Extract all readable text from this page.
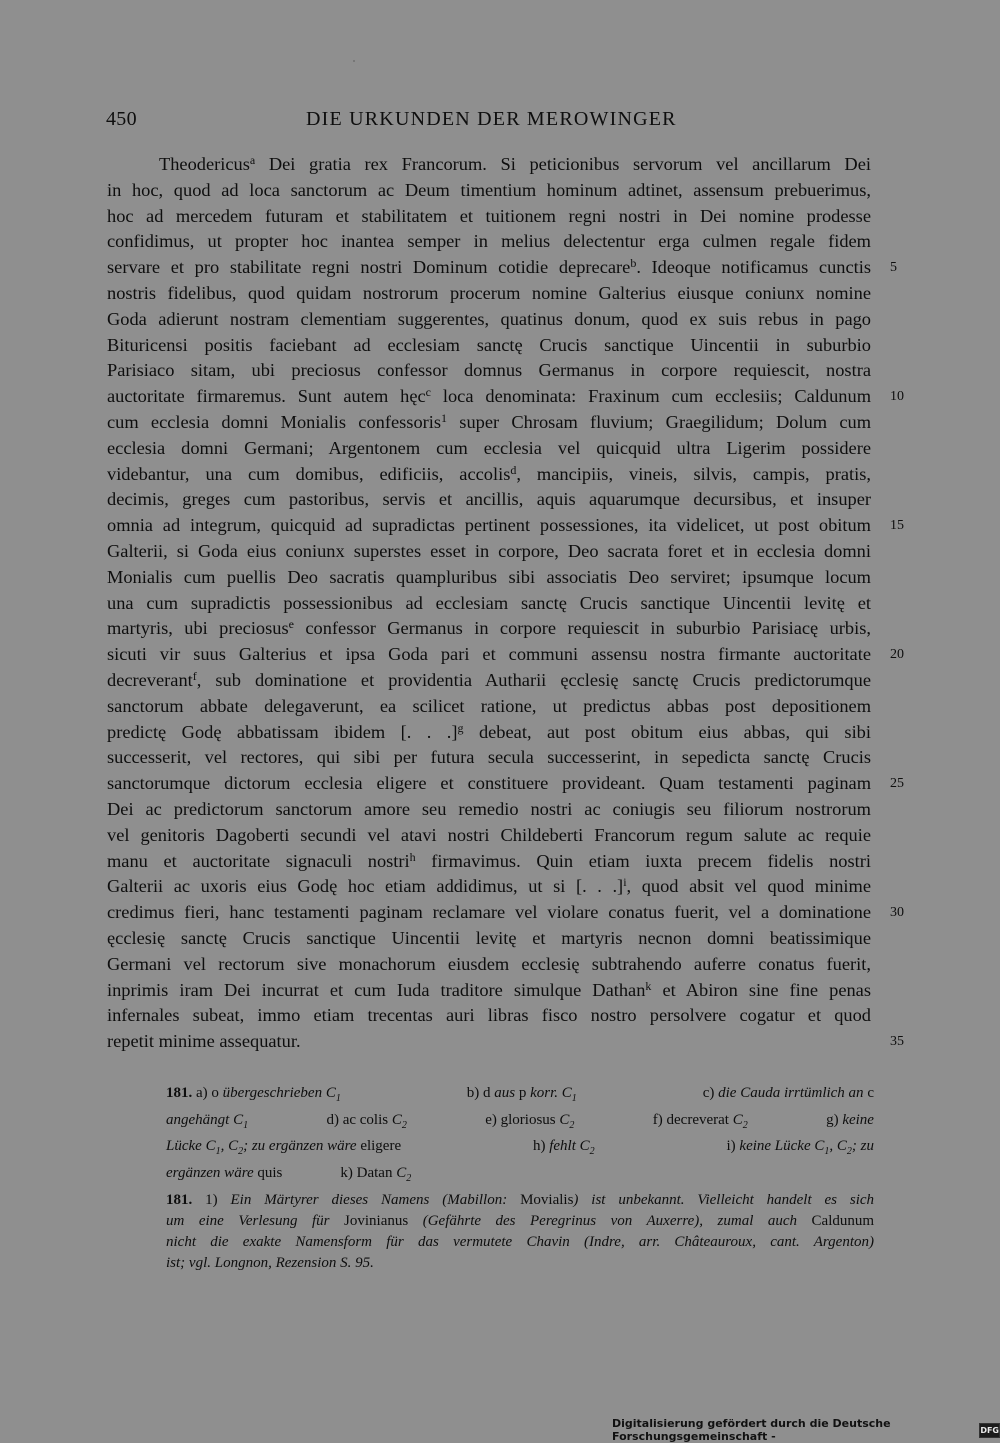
450	DIE URKUNDEN DER MEROWINGER
Theodericus$^a$ Dei gratia rex Francorum. Si peticionibus servorum vel ancillarum Dei
in hoc, quod ad loca sanctorum ac Deum timentium hominum adtinet, assensum prebuerimus,
hoc ad mercedem futuram et stabilitatem et tuitionem regni nostri in Dei nomine prodesse
confidimus, ut propter hoc inantea semper in melius delectentur erga culmen regale fidem
servare et pro stabilitate regni nostri Dominum cotidie deprecare$^b$. Ideoque notificamus cunctis
nostris fidelibus, quod quidam nostrorum procerum nomine Galterius eiusque coniunx nomine
Goda adierunt nostram clementiam suggerentes, quatinus donum, quod ex suis rebus in pago
Bituricensi positis faciebant ad ecclesiam sanctę Crucis sanctique Uincentii in suburbio
Parisiaco sitam, ubi preciosus confessor domnus Germanus in corpore requiescit, nostra
auctoritate firmaremus. Sunt autem hęc$^c$ loca denominata: Fraxinum cum ecclesiis; Caldunum
cum ecclesia domni Monialis confessoris$^1$ super Chrosam fluvium; Graegilidum; Dolum cum
ecclesia domni Germani; Argentonem cum ecclesia vel quicquid ultra Ligerim possidere
videbantur, una cum domibus, edificiis, accolis$^d$, mancipiis, vineis, silvis, campis, pratis,
decimis, greges cum pastoribus, servis et ancillis, aquis aquarumque decursibus, et insuper
omnia ad integrum, quicquid ad supradictas pertinent possessiones, ita videlicet, ut post obitum
Galterii, si Goda eius coniunx superstes esset in corpore, Deo sacrata foret et in ecclesia domni
Monialis cum puellis Deo sacratis quampluribus sibi associatis Deo serviret; ipsumque locum
una cum supradictis possessionibus ad ecclesiam sanctę Crucis sanctique Uincentii levitę et
martyris, ubi preciosus$^e$ confessor Germanus in corpore requiescit in suburbio Parisiacę urbis,
sicuti vir suus Galterius et ipsa Goda pari et communi assensu nostra firmante auctoritate
decreverant$^f$, sub dominatione et providentia Autharii ęcclesię sanctę Crucis predictorumque
sanctorum abbate delegaverunt, ea scilicet ratione, ut predictus abbas post depositionem
predictę Godę abbatissam ibidem [. . .]$^g$ debeat, aut post obitum eius abbas, qui sibi
successerit, vel rectores, qui sibi per futura secula successerint, in sepedicta sanctę Crucis
sanctorumque dictorum ecclesia eligere et constituere provideant. Quam testamenti paginam
Dei ac predictorum sanctorum amore seu remedio nostri ac coniugis seu filiorum nostrorum
vel genitoris Dagoberti secundi vel atavi nostri Childeberti Francorum regum salute ac requie
manu et auctoritate signaculi nostri$^h$ firmavimus. Quin etiam iuxta precem fidelis nostri
Galterii ac uxoris eius Godę hoc etiam addidimus, ut si [. . .]$^i$, quod absit vel quod minime
credimus fieri, hanc testamenti paginam reclamare vel violare conatus fuerit, vel a dominatione
ęcclesię sanctę Crucis sanctique Uincentii levitę et martyris necnon domni beatissimique
Germani vel rectorum sive monachorum eiusdem ecclesię subtrahendo auferre conatus fuerit,
inprimis iram Dei incurrat et cum Iuda traditore simulque Dathan$^k$ et Abiron sine fine penas
infernales subeat, immo etiam trecentas auri libras fisco nostro persolvere cogatur et quod
repetit minime assequatur.
5
10
15
20
25
30
35
181. a) o übergeschrieben $C_1$	b) d aus p korr. $C_1$	c) die Cauda irrtümlich an c
angehängt $C_1$	d) ac colis $C_2$	e) gloriosus $C_2$	f) decreverat $C_2$	g) keine
Lücke $C_1$, $C_2$; zu ergänzen wäre eligere	h) fehlt $C_2$	i) keine Lücke $C_1$, $C_2$; zu
ergänzen wäre quis	k) Datan $C_2$
181. 1) Ein Märtyrer dieses Namens (Mabillon: Movialis) ist unbekannt. Vielleicht handelt es sich
um eine Verlesung für Jovinianus (Gefährte des Peregrinus von Auxerre), zumal auch Caldunum
nicht die exakte Namensform für das vermutete Chavin (Indre, arr. Châteauroux, cant. Argenton)
ist; vgl. Longnon, Rezension S. 95.
Digitalisierung gefördert durch die Deutsche Forschungsgemeinschaft -	DFG
